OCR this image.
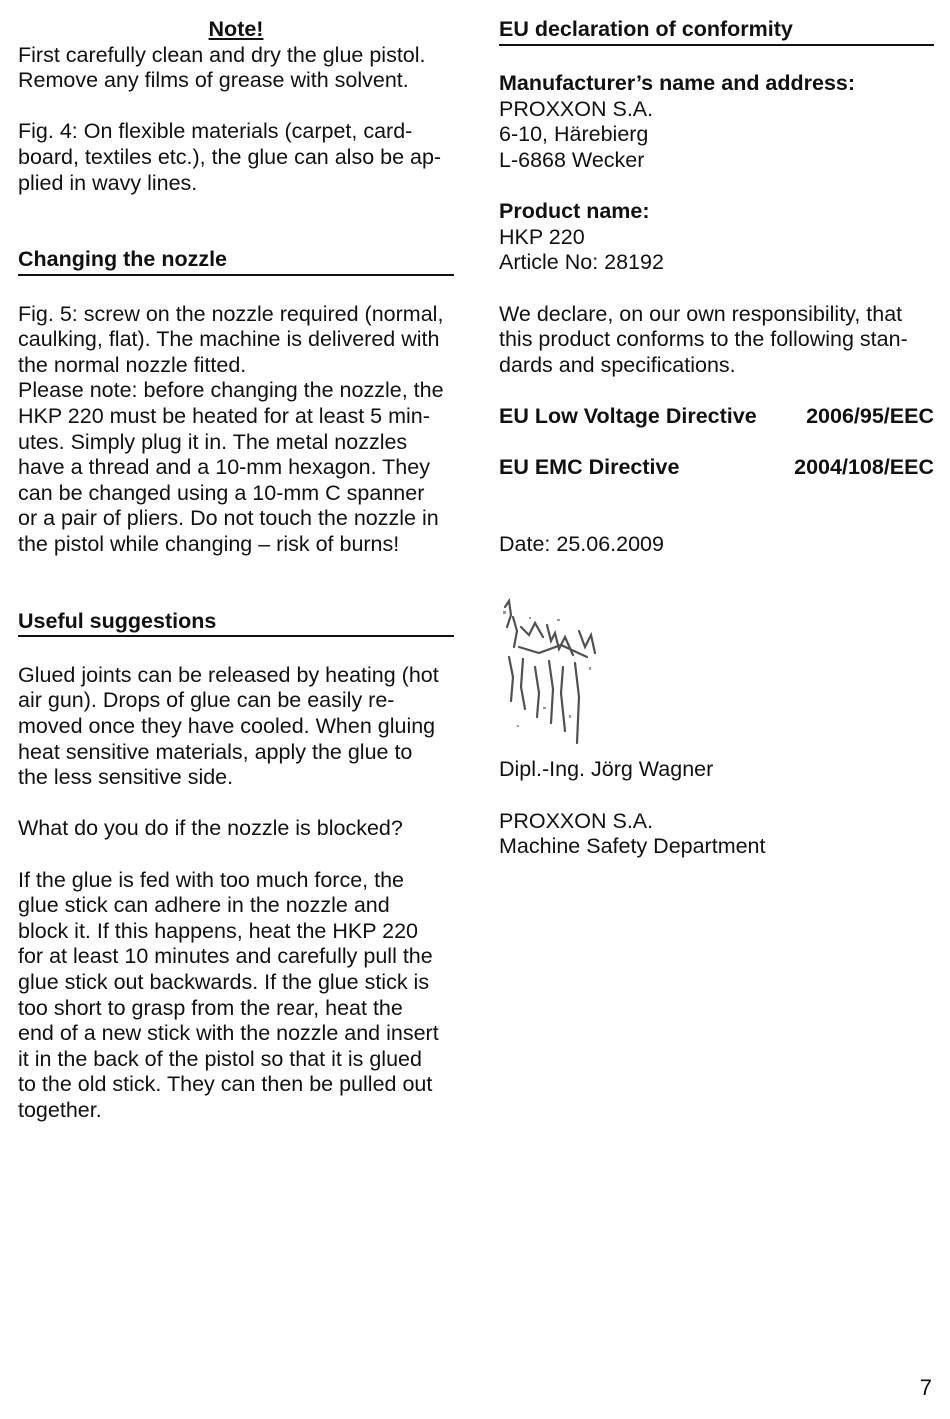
Note!

First carefully clean and dry the glue pistol.

Remove any films of grease with solvent.

Fig. 4: On flexible materials (carpet, card-

board, textiles etc.), the glue can also be ap-

plied in wavy lines.

Changing the nozzle

Fig. 5: screw on the nozzle required (normal,

caulking, flat). The machine is delivered with

the normal nozzle fitted.

Please note: before changing the nozzle, the

HKP 220 must be heated for at least 5 min-

utes. Simply plug it in. The metal nozzles

have a thread and a 10-mm hexagon. They

can be changed using a 10-mm C spanner

or a pair of pliers. Do not touch the nozzle in

the pistol while changing – risk of burns!

Useful suggestions

Glued joints can be released by heating (hot

air gun). Drops of glue can be easily re-

moved once they have cooled. When gluing

heat sensitive materials, apply the glue to

the less sensitive side.

What do you do if the nozzle is blocked?

If the glue is fed with too much force, the

glue stick can adhere in the nozzle and

block it. If this happens, heat the HKP 220

for at least 10 minutes and carefully pull the

glue stick out backwards. If the glue stick is

too short to grasp from the rear, heat the

end of a new stick with the nozzle and insert

it in the back of the pistol so that it is glued

to the old stick. They can then be pulled out

together.

EU declaration of conformity

Manufacturer’s name and address:

PROXXON S.A.

6-10, Härebierg

L-6868 Wecker

Product name:

HKP 220

Article No: 28192

We declare, on our own responsibility, that

this product conforms to the following stan-

dards and specifications.

EU Low Voltage Directive 2006/95/EEC
EU EMC Directive	2004/108/EEC

Date: 25.06.2009

Dipl.-Ing. Jörg Wagner

PROXXON S.A.

Machine Safety Department

7
